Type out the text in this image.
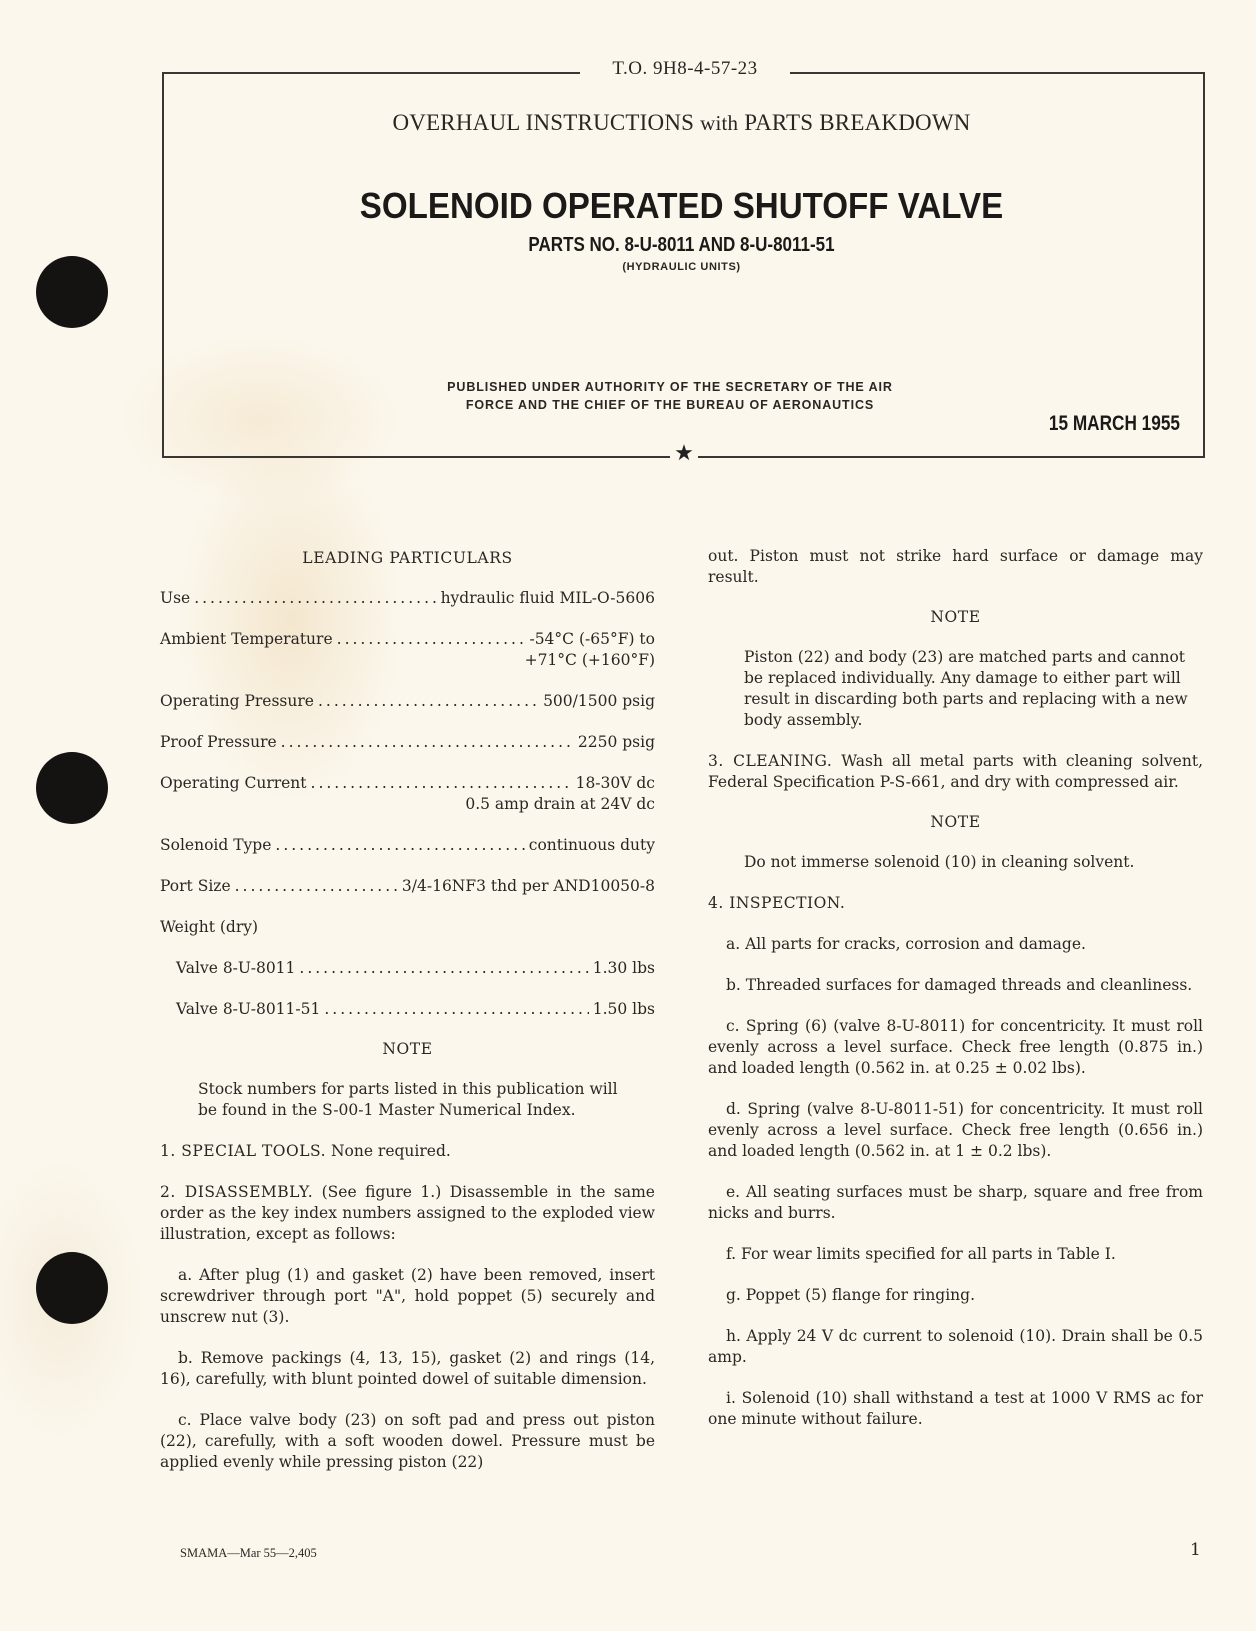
T.O. 9H8-4-57-23
OVERHAUL INSTRUCTIONS with PARTS BREAKDOWN
SOLENOID OPERATED SHUTOFF VALVE
PARTS NO. 8-U-8011 AND 8-U-8011-51
(HYDRAULIC UNITS)
PUBLISHED UNDER AUTHORITY OF THE SECRETARY OF THE AIR
FORCE AND THE CHIEF OF THE BUREAU OF AERONAUTICS
15 MARCH 1955
★
LEADING PARTICULARS
Use .....	hydraulic fluid MIL-O-5606
Ambient Temperature .....	-54°C (-65°F) to
+71°C (+160°F)
Operating Pressure .....	500/1500 psig
Proof Pressure .....	2250 psig
Operating Current .....	18-30V dc
0.5 amp drain at 24V dc
Solenoid Type .....	continuous duty
Port Size .....	3/4-16NF3 thd per AND10050-8
Weight (dry)
Valve 8-U-8011 .....	1.30 lbs
Valve 8-U-8011-51 .....	1.50 lbs
NOTE
Stock numbers for parts listed in this publication will be found in the S-00-1 Master Numerical Index.
1. SPECIAL TOOLS. None required.
2. DISASSEMBLY. (See figure 1.) Disassemble in the same order as the key index numbers assigned to the exploded view illustration, except as follows:
a. After plug (1) and gasket (2) have been removed, insert screwdriver through port "A", hold poppet (5) securely and unscrew nut (3).
b. Remove packings (4, 13, 15), gasket (2) and rings (14, 16), carefully, with blunt pointed dowel of suitable dimension.
c. Place valve body (23) on soft pad and press out piston (22), carefully, with a soft wooden dowel. Pressure must be applied evenly while pressing piston (22)
out. Piston must not strike hard surface or damage may result.
NOTE
Piston (22) and body (23) are matched parts and cannot be replaced individually. Any damage to either part will result in discarding both parts and replacing with a new body assembly.
3. CLEANING. Wash all metal parts with cleaning solvent, Federal Specification P-S-661, and dry with compressed air.
NOTE
Do not immerse solenoid (10) in cleaning solvent.
4. INSPECTION.
a. All parts for cracks, corrosion and damage.
b. Threaded surfaces for damaged threads and cleanliness.
c. Spring (6) (valve 8-U-8011) for concentricity. It must roll evenly across a level surface. Check free length (0.875 in.) and loaded length (0.562 in. at 0.25 ± 0.02 lbs).
d. Spring (valve 8-U-8011-51) for concentricity. It must roll evenly across a level surface. Check free length (0.656 in.) and loaded length (0.562 in. at 1 ± 0.2 lbs).
e. All seating surfaces must be sharp, square and free from nicks and burrs.
f. For wear limits specified for all parts in Table I.
g. Poppet (5) flange for ringing.
h. Apply 24 V dc current to solenoid (10). Drain shall be 0.5 amp.
i. Solenoid (10) shall withstand a test at 1000 V RMS ac for one minute without failure.
SMAMA—Mar 55—2,405	1
